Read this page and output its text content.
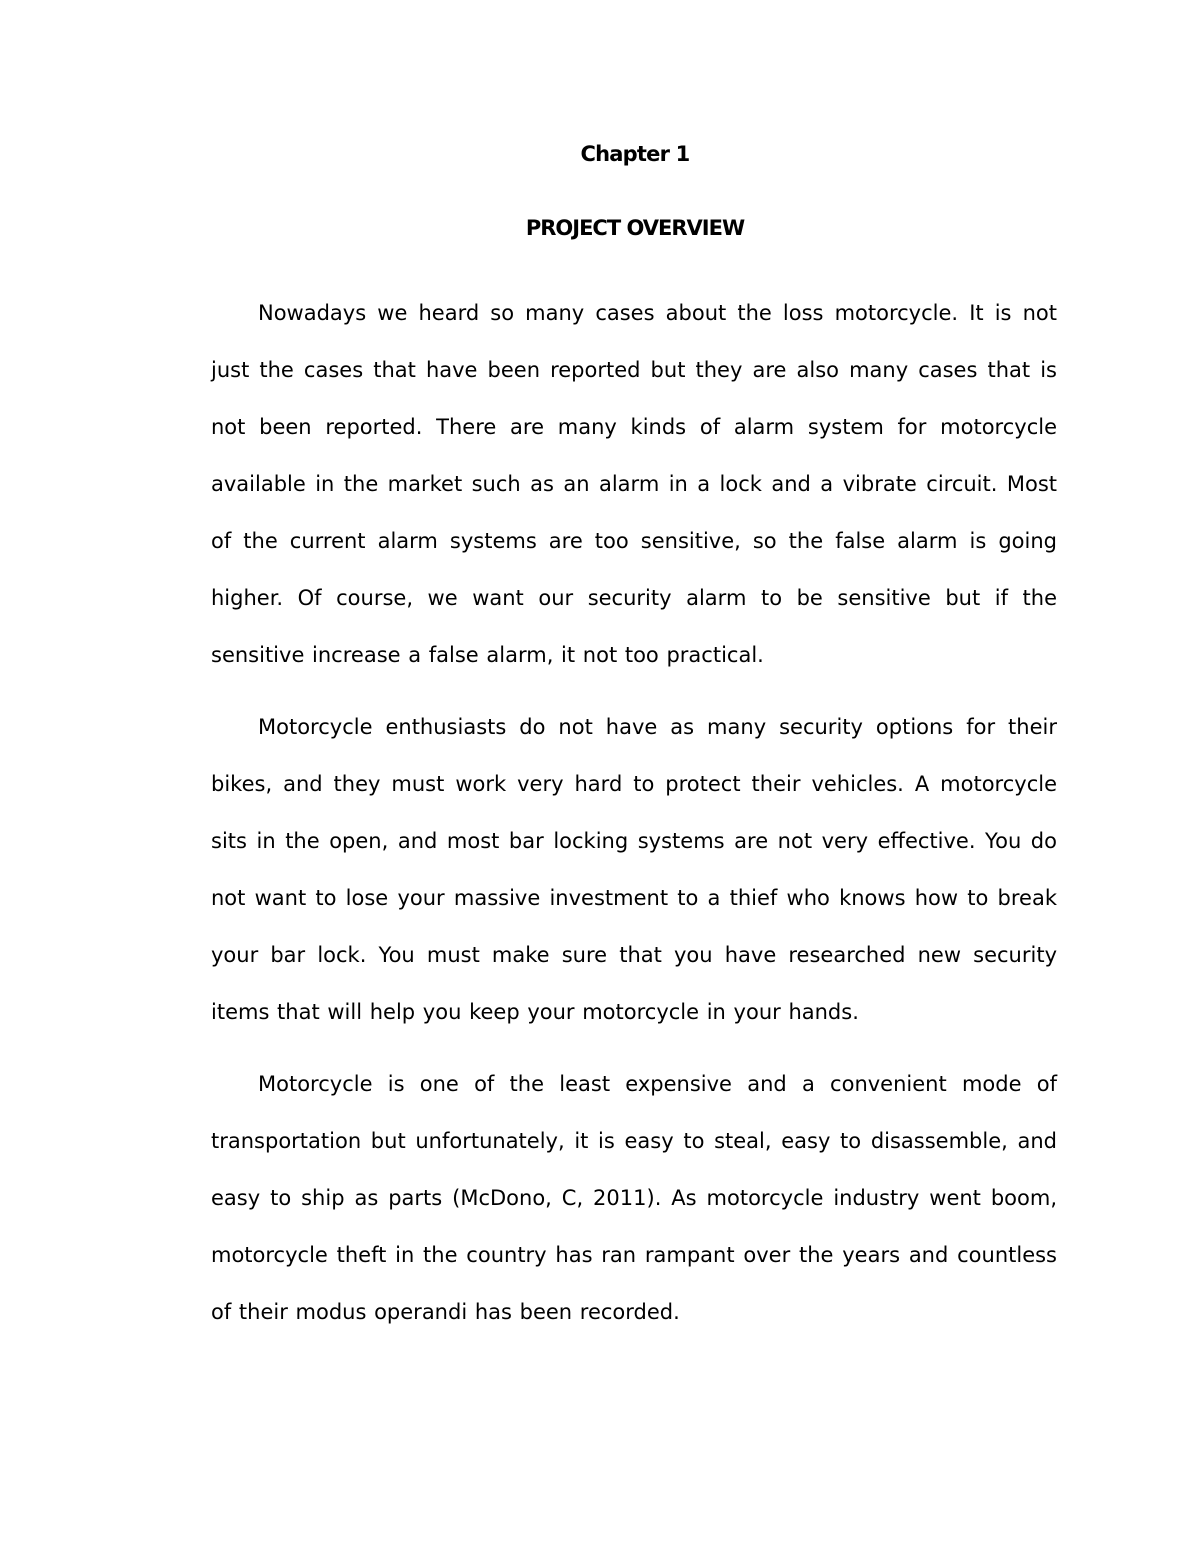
Chapter 1
PROJECT OVERVIEW

Nowadays we heard so many cases about the loss motorcycle. It is not just the cases that have been reported but they are also many cases that is not been reported. There are many kinds of alarm system for motorcycle available in the market such as an alarm in a lock and a vibrate circuit. Most of the current alarm systems are too sensitive, so the false alarm is going higher. Of course, we want our security alarm to be sensitive but if the sensitive increase a false alarm, it not too practical.

Motorcycle enthusiasts do not have as many security options for their bikes, and they must work very hard to protect their vehicles. A motorcycle sits in the open, and most bar locking systems are not very effective. You do not want to lose your massive investment to a thief who knows how to break your bar lock. You must make sure that you have researched new security items that will help you keep your motorcycle in your hands.

Motorcycle is one of the least expensive and a convenient mode of transportation but unfortunately, it is easy to steal, easy to disassemble, and easy to ship as parts (McDono, C, 2011). As motorcycle industry went boom, motorcycle theft in the country has ran rampant over the years and countless of their modus operandi has been recorded.
